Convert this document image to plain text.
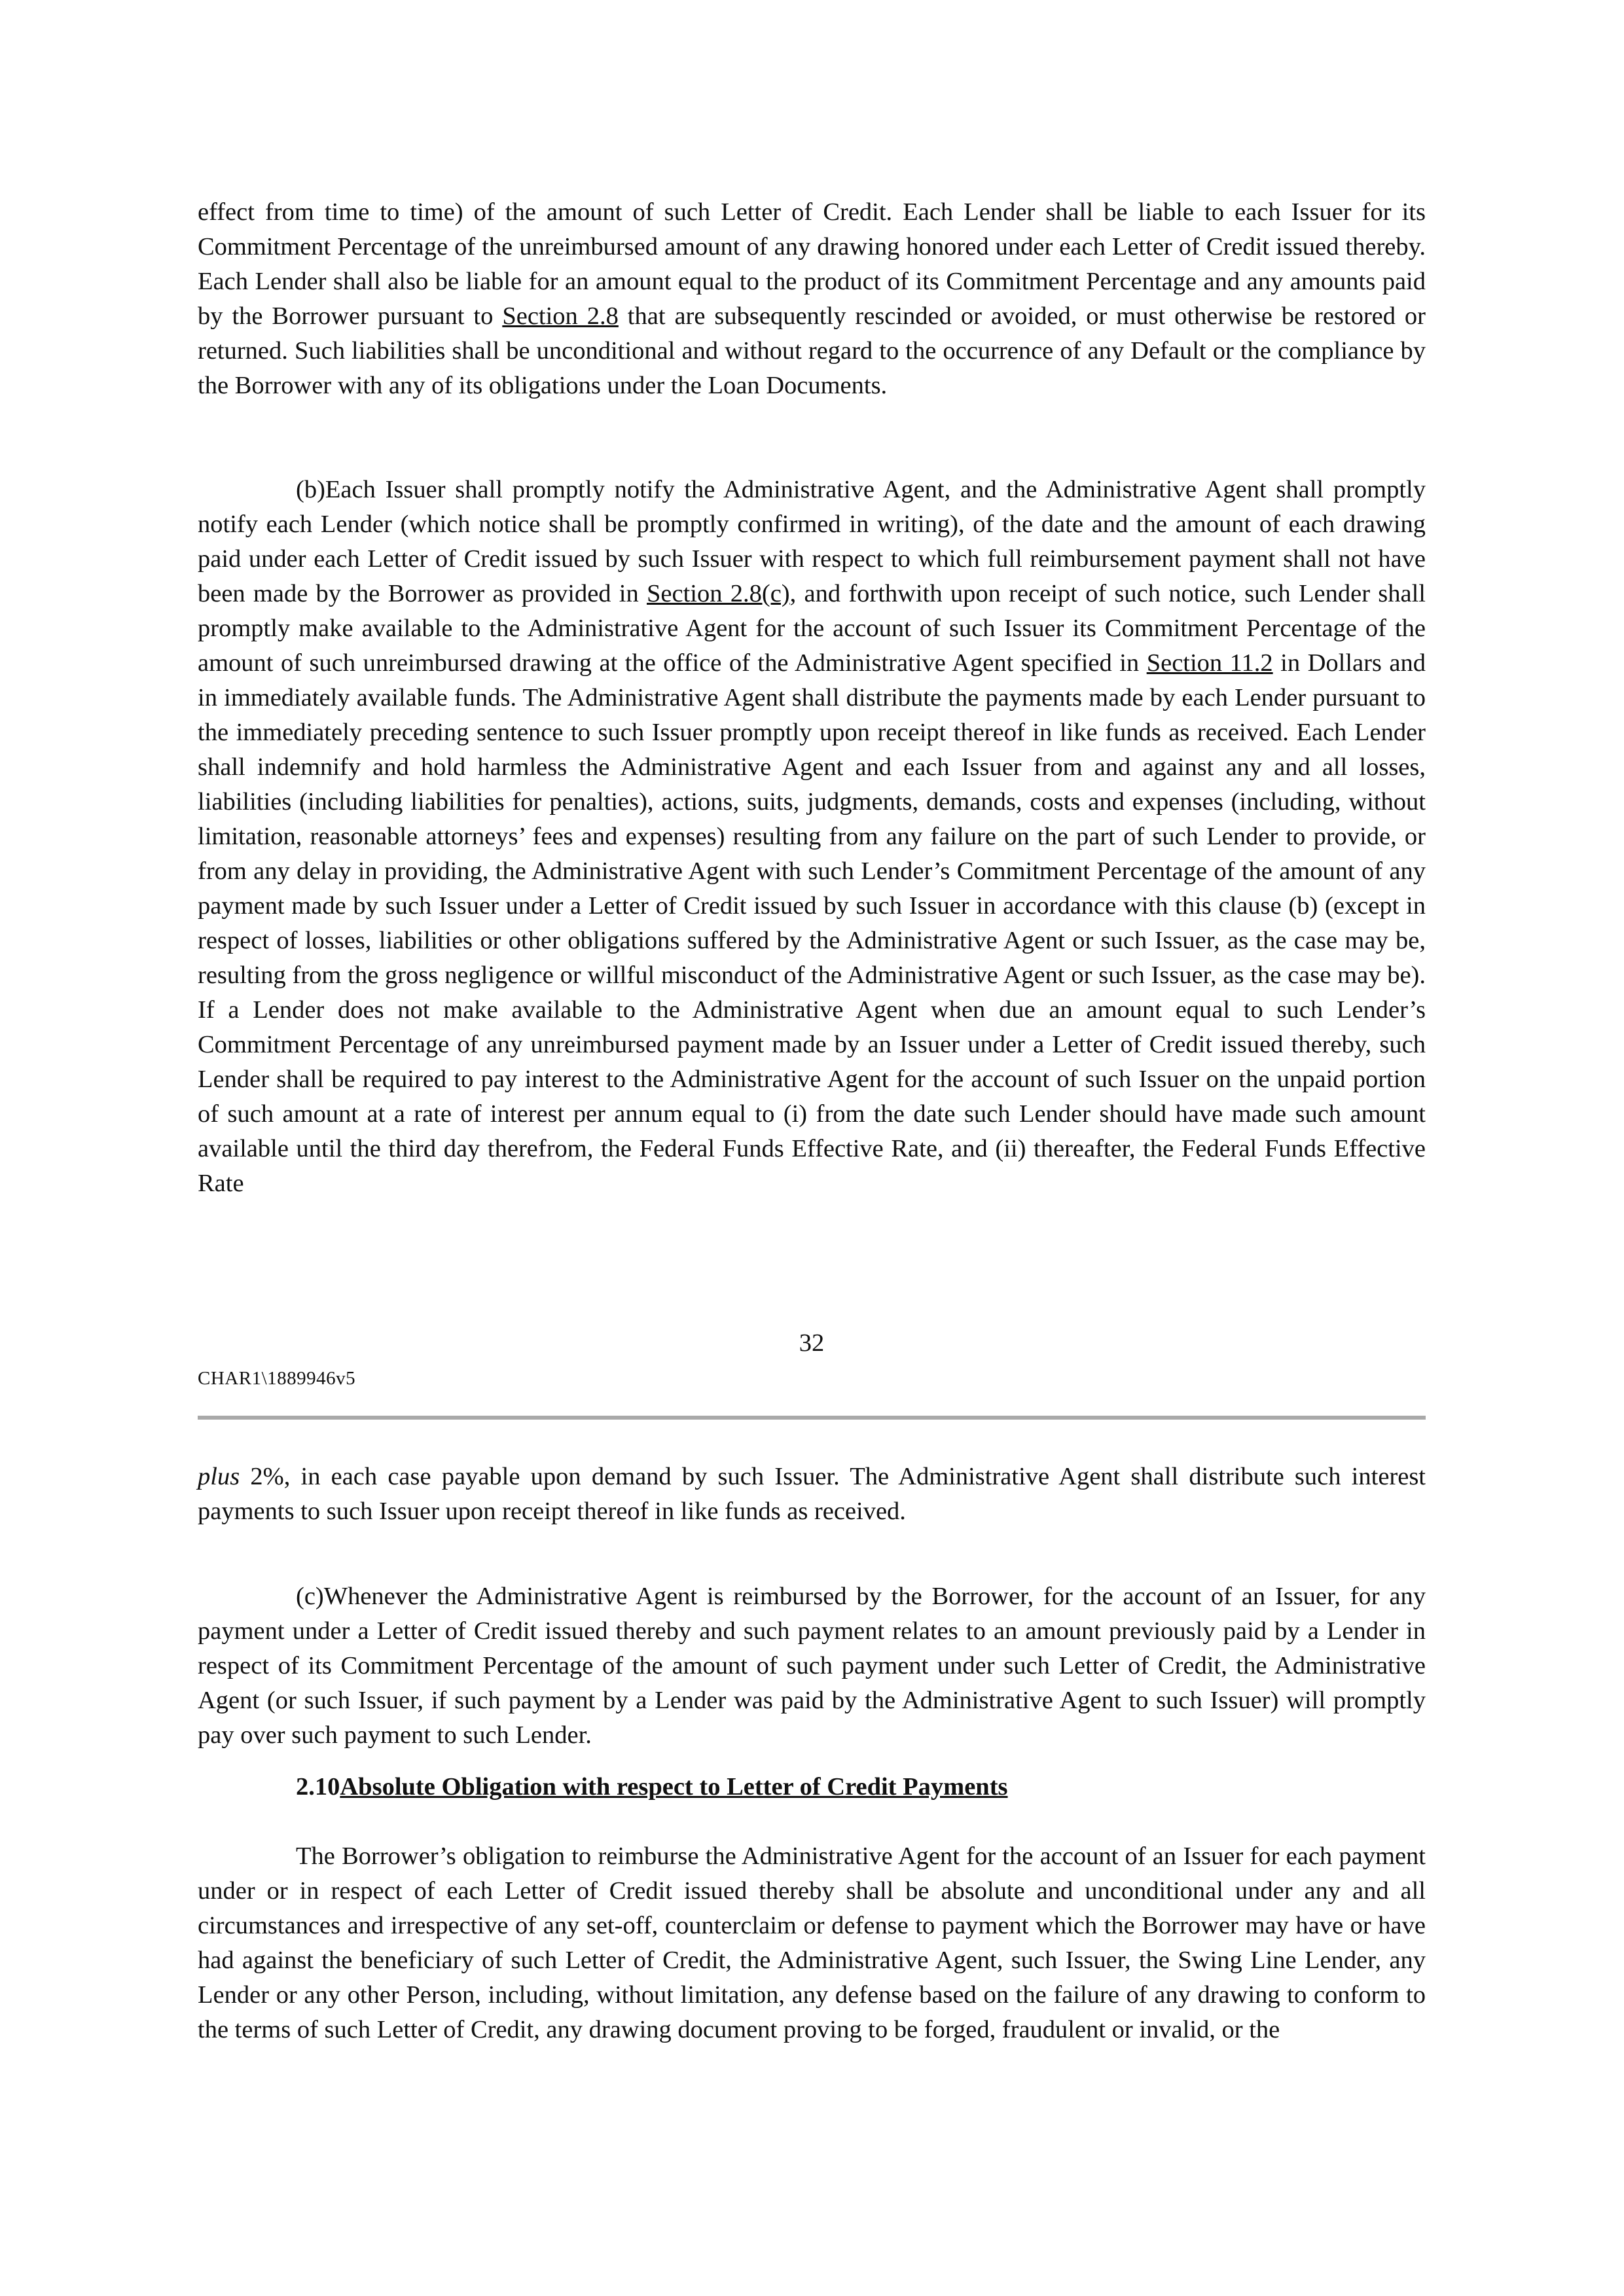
effect from time to time) of the amount of such Letter of Credit. Each Lender shall be liable to each Issuer for its Commitment Percentage of the unreimbursed amount of any drawing honored under each Letter of Credit issued thereby. Each Lender shall also be liable for an amount equal to the product of its Commitment Percentage and any amounts paid by the Borrower pursuant to Section 2.8 that are subsequently rescinded or avoided, or must otherwise be restored or returned. Such liabilities shall be unconditional and without regard to the occurrence of any Default or the compliance by the Borrower with any of its obligations under the Loan Documents.

(b)Each Issuer shall promptly notify the Administrative Agent, and the Administrative Agent shall promptly notify each Lender (which notice shall be promptly confirmed in writing), of the date and the amount of each drawing paid under each Letter of Credit issued by such Issuer with respect to which full reimbursement payment shall not have been made by the Borrower as provided in Section 2.8(c), and forthwith upon receipt of such notice, such Lender shall promptly make available to the Administrative Agent for the account of such Issuer its Commitment Percentage of the amount of such unreimbursed drawing at the office of the Administrative Agent specified in Section 11.2 in Dollars and in immediately available funds. The Administrative Agent shall distribute the payments made by each Lender pursuant to the immediately preceding sentence to such Issuer promptly upon receipt thereof in like funds as received. Each Lender shall indemnify and hold harmless the Administrative Agent and each Issuer from and against any and all losses, liabilities (including liabilities for penalties), actions, suits, judgments, demands, costs and expenses (including, without limitation, reasonable attorneys’ fees and expenses) resulting from any failure on the part of such Lender to provide, or from any delay in providing, the Administrative Agent with such Lender’s Commitment Percentage of the amount of any payment made by such Issuer under a Letter of Credit issued by such Issuer in accordance with this clause (b) (except in respect of losses, liabilities or other obligations suffered by the Administrative Agent or such Issuer, as the case may be, resulting from the gross negligence or willful misconduct of the Administrative Agent or such Issuer, as the case may be). If a Lender does not make available to the Administrative Agent when due an amount equal to such Lender’s Commitment Percentage of any unreimbursed payment made by an Issuer under a Letter of Credit issued thereby, such Lender shall be required to pay interest to the Administrative Agent for the account of such Issuer on the unpaid portion of such amount at a rate of interest per annum equal to (i) from the date such Lender should have made such amount available until the third day therefrom, the Federal Funds Effective Rate, and (ii) thereafter, the Federal Funds Effective Rate

32
CHAR1\1889946v5

plus 2%, in each case payable upon demand by such Issuer. The Administrative Agent shall distribute such interest payments to such Issuer upon receipt thereof in like funds as received.

(c)Whenever the Administrative Agent is reimbursed by the Borrower, for the account of an Issuer, for any payment under a Letter of Credit issued thereby and such payment relates to an amount previously paid by a Lender in respect of its Commitment Percentage of the amount of such payment under such Letter of Credit, the Administrative Agent (or such Issuer, if such payment by a Lender was paid by the Administrative Agent to such Issuer) will promptly pay over such payment to such Lender.

2.10Absolute Obligation with respect to Letter of Credit Payments

The Borrower’s obligation to reimburse the Administrative Agent for the account of an Issuer for each payment under or in respect of each Letter of Credit issued thereby shall be absolute and unconditional under any and all circumstances and irrespective of any set-off, counterclaim or defense to payment which the Borrower may have or have had against the beneficiary of such Letter of Credit, the Administrative Agent, such Issuer, the Swing Line Lender, any Lender or any other Person, including, without limitation, any defense based on the failure of any drawing to conform to the terms of such Letter of Credit, any drawing document proving to be forged, fraudulent or invalid, or the
